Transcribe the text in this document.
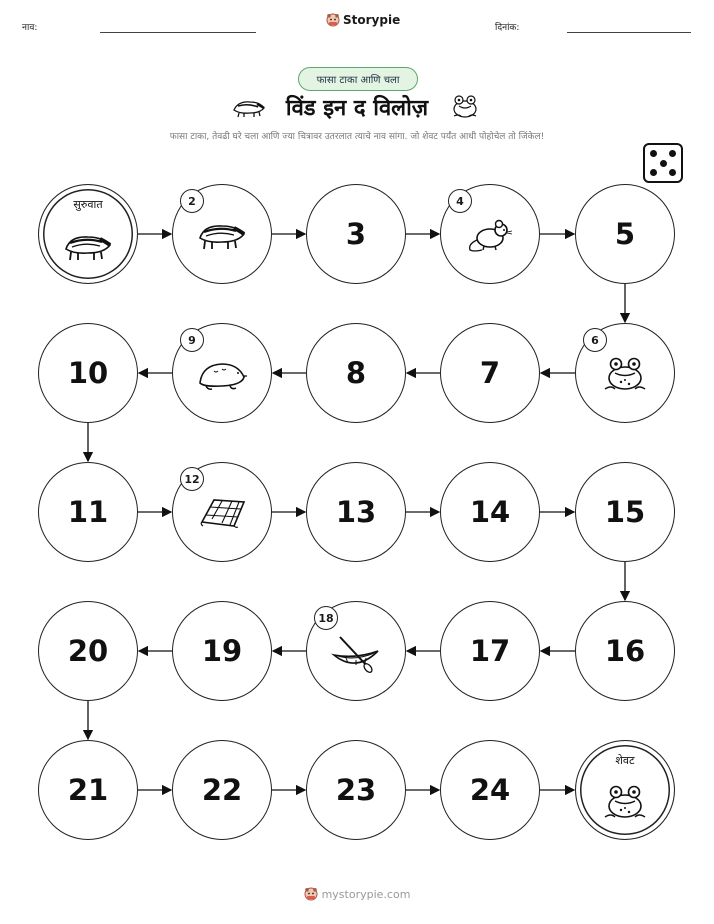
नाव:
Storypie
दिनांक:
फासा टाका आणि चला
विंड इन द विलोज़
फासा टाका, तेवढी घरे चला आणि ज्या चित्रावर उतरलात त्याचे नाव सांगा. जो शेवट पर्यंत आधी पोहोचेल तो जिंकेल!
सुरुवात	2
3
4
5
6
7
8
9
10
11
12
13	14	15
16
17
18
19
20
21	22	23	24
शेवट
mystorypie.com
